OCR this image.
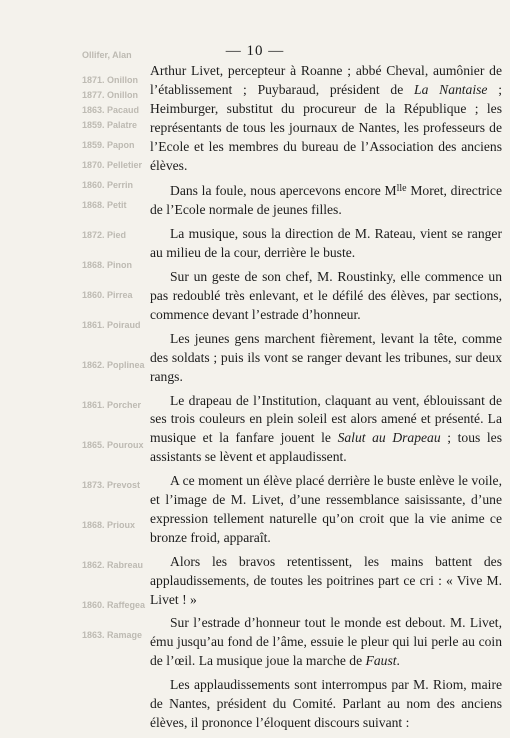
Ollifer, Alan
1871. Onillon
1877. Onillon
1863. Pacaud
1859. Palatre
1859. Papon
1870. Pelletier
1860. Perrin
1868. Petit
1872. Pied
1868. Pinon
1860. Pirrea
1861. Poiraud
1862. Poplinea
1861. Porcher
1865. Pouroux
1873. Prevost
1868. Prioux
1862. Rabreau
1860. Raffegea
1863. Ramage
— 10 —

Arthur Livet, percepteur à Roanne ; abbé Cheval, aumônier de l’établissement ; Puybaraud, président de La Nantaise ; Heimburger, substitut du procureur de la République ; les représentants de tous les journaux de Nantes, les professeurs de l’Ecole et les membres du bureau de l’Association des anciens élèves.

Dans la foule, nous apercevons encore $M^{lle}$ Moret, directrice de l’Ecole normale de jeunes filles.

La musique, sous la direction de M. Rateau, vient se ranger au milieu de la cour, derrière le buste.

Sur un geste de son chef, M. Roustinky, elle commence un pas redoublé très enlevant, et le défilé des élèves, par sections, commence devant l’estrade d’honneur.

Les jeunes gens marchent fièrement, levant la tête, comme des soldats ; puis ils vont se ranger devant les tribunes, sur deux rangs.

Le drapeau de l’Institution, claquant au vent, éblouissant de ses trois couleurs en plein soleil est alors amené et présenté. La musique et la fanfare jouent le Salut au Drapeau ; tous les assistants se lèvent et applaudissent.

A ce moment un élève placé derrière le buste enlève le voile, et l’image de M. Livet, d’une ressemblance saisissante, d’une expression tellement naturelle qu’on croit que la vie anime ce bronze froid, apparaît.

Alors les bravos retentissent, les mains battent des applaudissements, de toutes les poitrines part ce cri : « Vive M. Livet ! »

Sur l’estrade d’honneur tout le monde est debout. M. Livet, ému jusqu’au fond de l’âme, essuie le pleur qui lui perle au coin de l’œil. La musique joue la marche de Faust.

Les applaudissements sont interrompus par M. Riom, maire de Nantes, président du Comité. Parlant au nom des anciens élèves, il prononce l’éloquent discours suivant :
